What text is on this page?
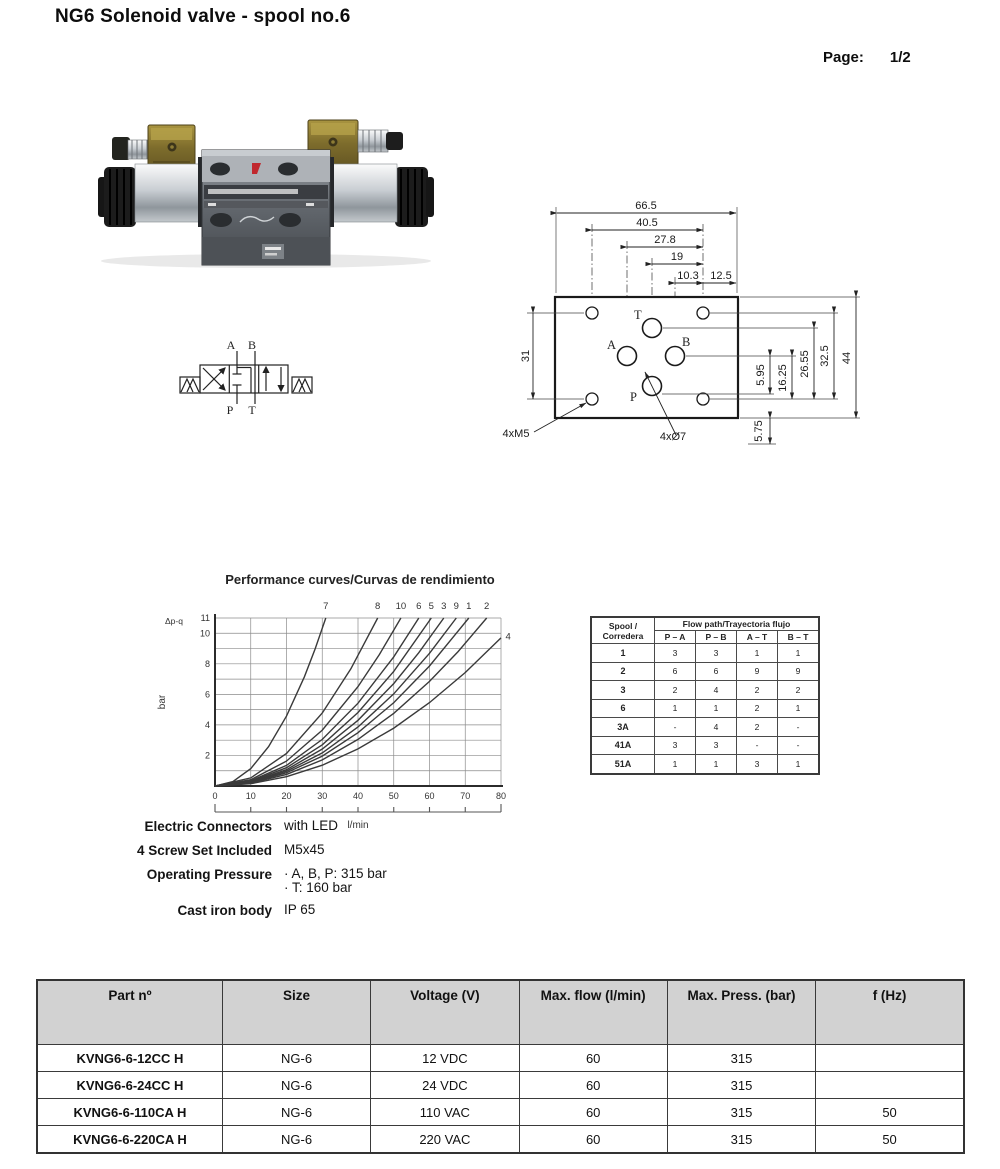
NG6 Solenoid valve - spool no.6
Page: 1/2
A B
P T
66.5
40.5
27.8
19
10.3 12.5
31
5.95 16.25
26.55 32.5 44
5.75
4xM5	4xØ7
T
A	B
P
Performance curves/Curvas de rendimiento
2
4
6
8
10
11
0	10	20	30	40	50	60	70	80
7	8 10 6 5 3 9 1 2
4
Δp-q
bar
l/min
Spool /
Corredera	Flow path/Trayectoria flujo			
	P – A	P – B	A – T	B – T
1	3	3	1	1
2	6	6	9	9
3	2	4	2	2
6	1	1	2	1
3A	-	4	2	-
41A	3	3	-	-
51A	1	1	3	1
Electric Connectors with LED
4 Screw Set Included M5x45
Operating Pressure · A, B, P: 315 bar
· T: 160 bar
Cast iron body IP 65
Part nº	Size	Voltage (V)	Max. flow (l/min)	Max. Press. (bar)	f (Hz)
KVNG6-6-12CC H	NG-6	12 VDC	60	315	
KVNG6-6-24CC H	NG-6	24 VDC	60	315	
KVNG6-6-110CA H	NG-6	110 VAC	60	315	50
KVNG6-6-220CA H	NG-6	220 VAC	60	315	50
